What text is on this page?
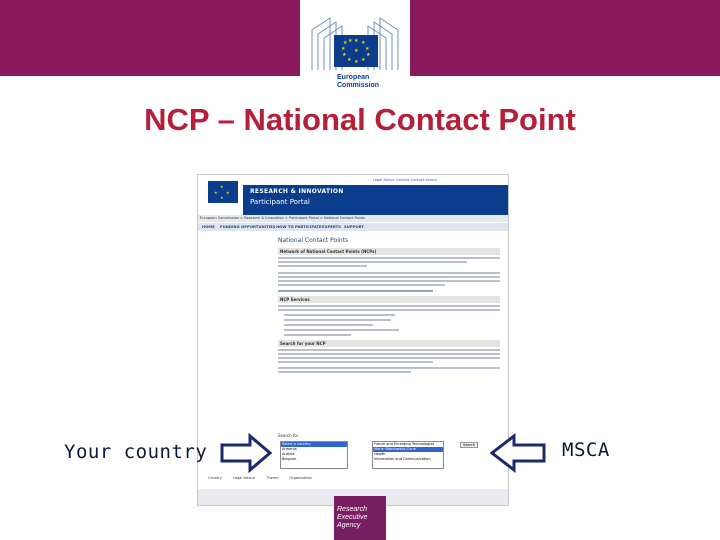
★ ★
★
★
★
★
★
★
★
★ ★
★
European
Commission
NCP – National Contact Point
★
★ ★
★
Legal Notice Cookies Contact Search
RESEARCH & INNOVATION
Participant Portal
European Commission > Research & Innovation > Participant Portal > National Contact Points
HOME FUNDING OPPORTUNITIES HOW TO PARTICIPATE EXPERTS SUPPORT
National Contact Points
Network of National Contact Points (NCPs)
NCP Services
Search for your NCP
Search for
Select a country
Armenia
Austria
Belgium
Future and Emerging Technologies
Marie Skłodowska-Curie
Health
Information and Communication
Search
Country	Legal Advice	Theme	Organisation
Your country	MSCA
Research
Executive
Agency
